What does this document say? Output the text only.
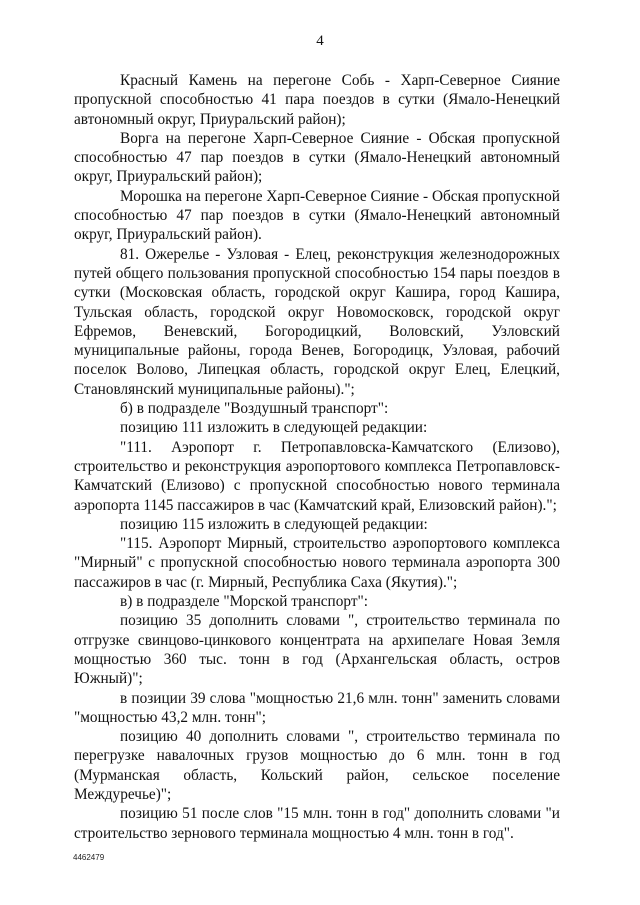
4

Красный Камень на перегоне Собь - Харп-Северное Сияние пропускной способностью 41 пара поездов в сутки (Ямало-Ненецкий автономный округ, Приуральский район);

Ворга на перегоне Харп-Северное Сияние - Обская пропускной способностью 47 пар поездов в сутки (Ямало-Ненецкий автономный округ, Приуральский район);

Морошка на перегоне Харп-Северное Сияние - Обская пропускной способностью 47 пар поездов в сутки (Ямало-Ненецкий автономный округ, Приуральский район).

81. Ожерелье - Узловая - Елец, реконструкция железнодорожных путей общего пользования пропускной способностью 154 пары поездов в сутки (Московская область, городской округ Кашира, город Кашира, Тульская область, городской округ Новомосковск, городской округ Ефремов, Веневский, Богородицкий, Воловский, Узловский муниципальные районы, города Венев, Богородицк, Узловая, рабочий поселок Волово, Липецкая область, городской округ Елец, Елецкий, Становлянский муниципальные районы).";

б) в подразделе "Воздушный транспорт":

позицию 111 изложить в следующей редакции:

"111. Аэропорт г. Петропавловска-Камчатского (Елизово), строительство и реконструкция аэропортового комплекса Петропавловск-Камчатский (Елизово) с пропускной способностью нового терминала аэропорта 1145 пассажиров в час (Камчатский край, Елизовский район).";

позицию 115 изложить в следующей редакции:

"115. Аэропорт Мирный, строительство аэропортового комплекса "Мирный" с пропускной способностью нового терминала аэропорта 300 пассажиров в час (г. Мирный, Республика Саха (Якутия).";

в) в подразделе "Морской транспорт":

позицию 35 дополнить словами ", строительство терминала по отгрузке свинцово-цинкового концентрата на архипелаге Новая Земля мощностью 360 тыс. тонн в год (Архангельская область, остров Южный)";

в позиции 39 слова "мощностью 21,6 млн. тонн" заменить словами "мощностью 43,2 млн. тонн";

позицию 40 дополнить словами ", строительство терминала по перегрузке навалочных грузов мощностью до 6 млн. тонн в год (Мурманская область, Кольский район, сельское поселение Междуречье)";

позицию 51 после слов "15 млн. тонн в год" дополнить словами "и строительство зернового терминала мощностью 4 млн. тонн в год".

4462479
